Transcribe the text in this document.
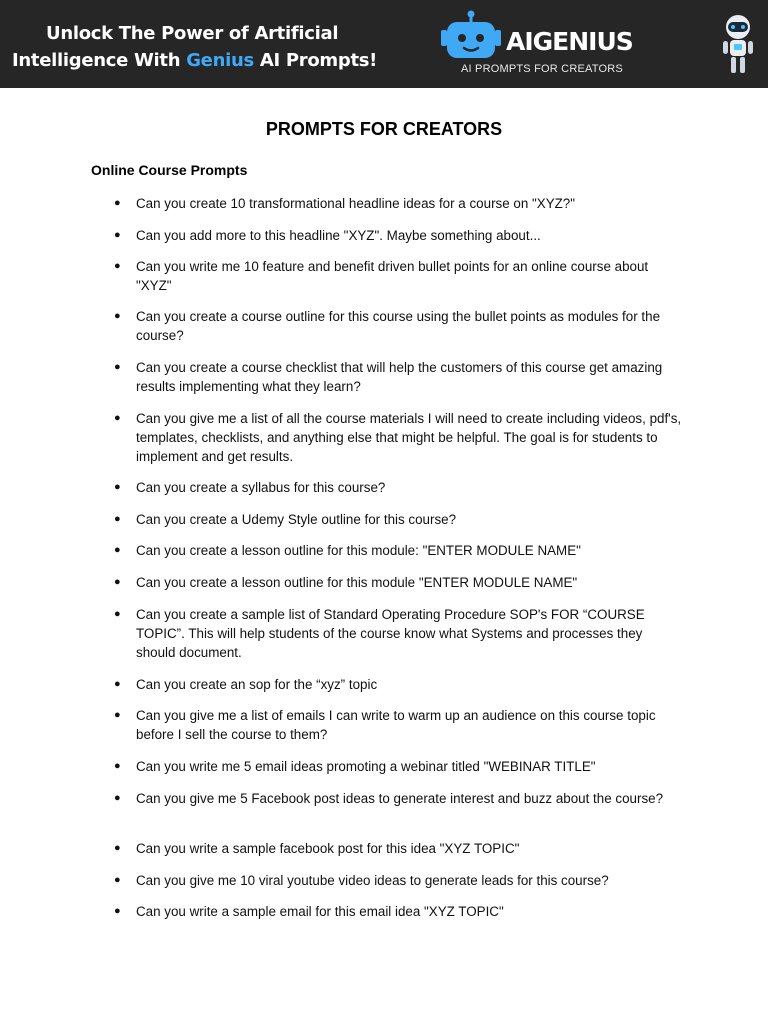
Unlock The Power of Artificial
Intelligence With Genius AI Prompts!
AIGENIUS
AI PROMPTS FOR CREATORS
PROMPTS FOR CREATORS
Online Course Prompts
● Can you create 10 transformational headline ideas for a course on "XYZ?"
● Can you add more to this headline "XYZ". Maybe something about...
● Can you write me 10 feature and benefit driven bullet points for an online course about "XYZ"
● Can you create a course outline for this course using the bullet points as modules for the course?
● Can you create a course checklist that will help the customers of this course get amazing results implementing what they learn?
● Can you give me a list of all the course materials I will need to create including videos, pdf's, templates, checklists, and anything else that might be helpful. The goal is for students to implement and get results.
● Can you create a syllabus for this course?
● Can you create a Udemy Style outline for this course?
● Can you create a lesson outline for this module: "ENTER MODULE NAME"
● Can you create a lesson outline for this module "ENTER MODULE NAME"
● Can you create a sample list of Standard Operating Procedure SOP's FOR “COURSE TOPIC”. This will help students of the course know what Systems and processes they should document.
● Can you create an sop for the “xyz” topic
● Can you give me a list of emails I can write to warm up an audience on this course topic before I sell the course to them?
● Can you write me 5 email ideas promoting a webinar titled "WEBINAR TITLE"
● Can you give me 5 Facebook post ideas to generate interest and buzz about the course?
● Can you write a sample facebook post for this idea "XYZ TOPIC"
● Can you give me 10 viral youtube video ideas to generate leads for this course?
● Can you write a sample email for this email idea "XYZ TOPIC"
